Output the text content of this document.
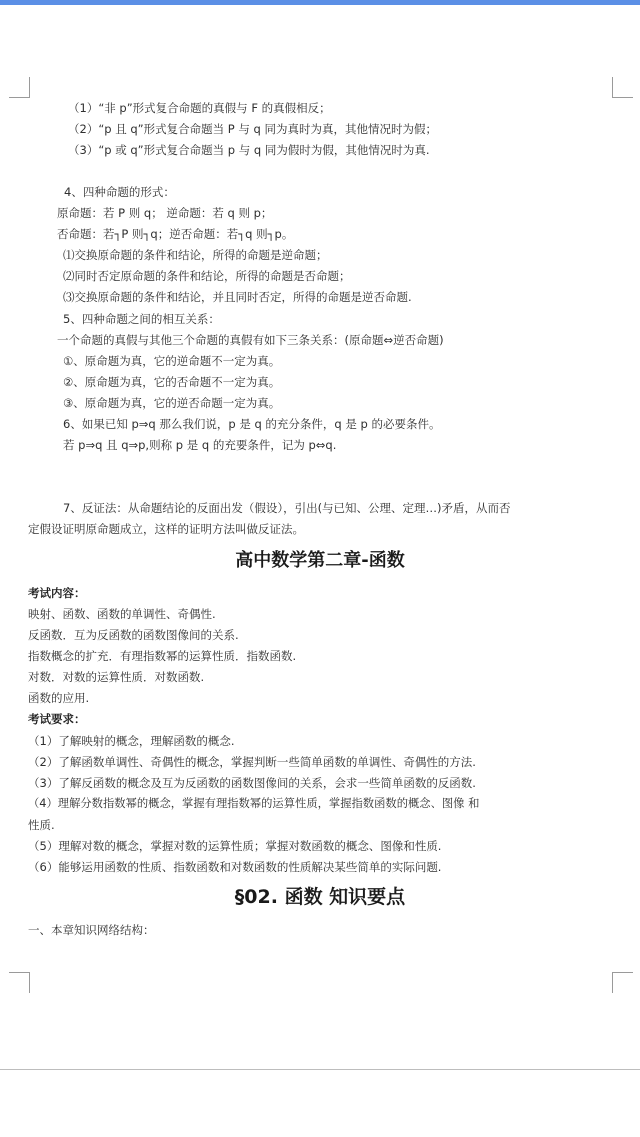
（1）“非 p”形式复合命题的真假与 F 的真假相反；
（2）“p 且 q”形式复合命题当 P 与 q 同为真时为真，其他情况时为假；
（3）“p 或 q”形式复合命题当 p 与 q 同为假时为假，其他情况时为真.
4、四种命题的形式：
原命题：若 P 则 q； 逆命题：若 q 则 p；
否命题：若┐P 则┐q；逆否命题：若┐q 则┐p。
⑴交换原命题的条件和结论，所得的命题是逆命题；
⑵同时否定原命题的条件和结论，所得的命题是否命题；
⑶交换原命题的条件和结论，并且同时否定，所得的命题是逆否命题.
5、四种命题之间的相互关系：
一个命题的真假与其他三个命题的真假有如下三条关系：(原命题⇔逆否命题)
①、原命题为真，它的逆命题不一定为真。
②、原命题为真，它的否命题不一定为真。
③、原命题为真，它的逆否命题一定为真。
6、如果已知 p⇒q 那么我们说，p 是 q 的充分条件，q 是 p 的必要条件。
若 p⇒q 且 q⇒p,则称 p 是 q 的充要条件，记为 p⇔q.
7、反证法：从命题结论的反面出发（假设），引出(与已知、公理、定理…)矛盾，从而否
定假设证明原命题成立，这样的证明方法叫做反证法。
高中数学第二章-函数
考试内容：
映射、函数、函数的单调性、奇偶性.
反函数．互为反函数的函数图像间的关系.
指数概念的扩充．有理指数幂的运算性质．指数函数.
对数．对数的运算性质．对数函数.
函数的应用.
考试要求：
（1）了解映射的概念，理解函数的概念.
（2）了解函数单调性、奇偶性的概念，掌握判断一些简单函数的单调性、奇偶性的方法.
（3）了解反函数的概念及互为反函数的函数图像间的关系，会求一些简单函数的反函数.
（4）理解分数指数幂的概念，掌握有理指数幂的运算性质，掌握指数函数的概念、图像 和
性质.
（5）理解对数的概念，掌握对数的运算性质；掌握对数函数的概念、图像和性质.
（6）能够运用函数的性质、指数函数和对数函数的性质解决某些简单的实际问题.
§02. 函数 知识要点
一、本章知识网络结构：
